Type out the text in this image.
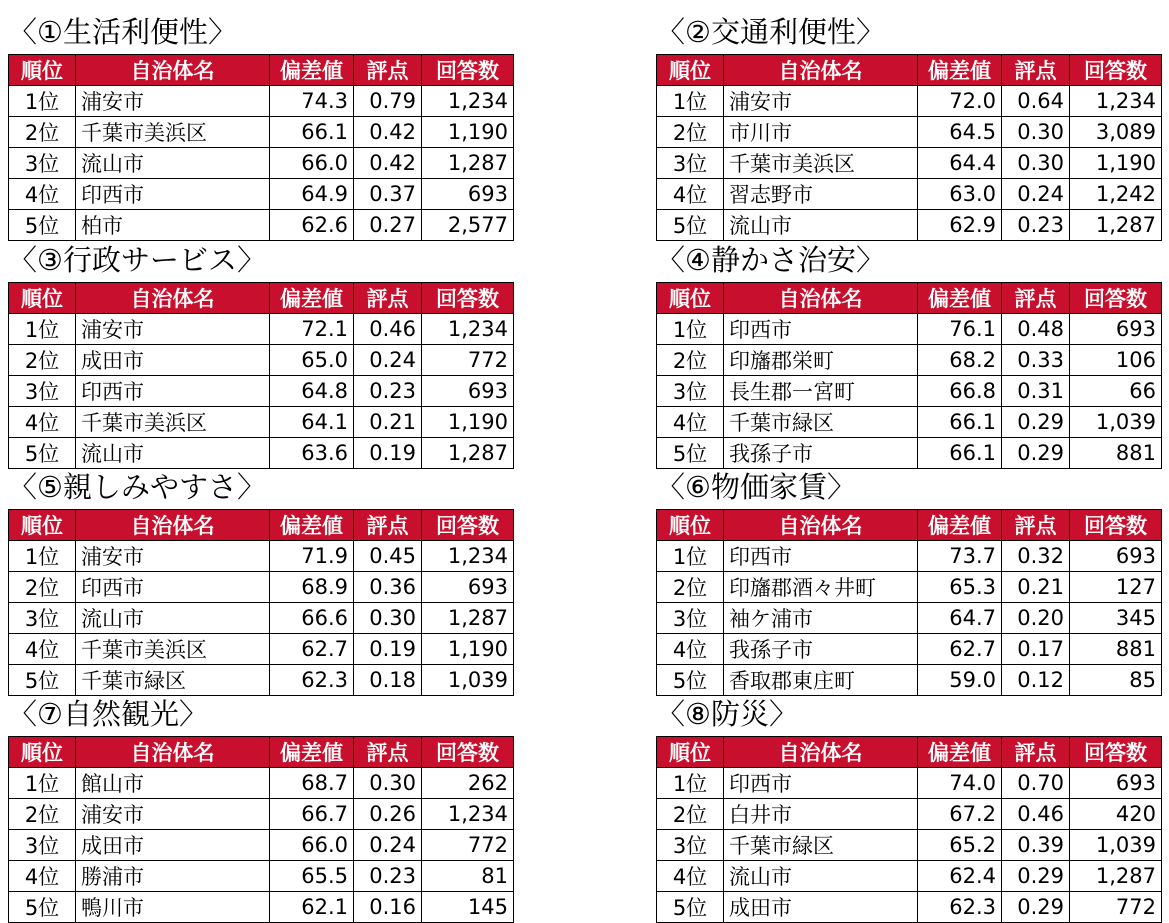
〈①生活利便性〉
順位	自治体名	偏差値	評点	回答数
1位	浦安市	74.3	0.79	1,234
2位	千葉市美浜区	66.1	0.42	1,190
3位	流山市	66.0	0.42	1,287
4位	印西市	64.9	0.37	693
5位	柏市	62.6	0.27	2,577
〈②交通利便性〉
順位	自治体名	偏差値	評点	回答数
1位	浦安市	72.0	0.64	1,234
2位	市川市	64.5	0.30	3,089
3位	千葉市美浜区	64.4	0.30	1,190
4位	習志野市	63.0	0.24	1,242
5位	流山市	62.9	0.23	1,287
〈③行政サービス〉
順位	自治体名	偏差値	評点	回答数
1位	浦安市	72.1	0.46	1,234
2位	成田市	65.0	0.24	772
3位	印西市	64.8	0.23	693
4位	千葉市美浜区	64.1	0.21	1,190
5位	流山市	63.6	0.19	1,287
〈④静かさ治安〉
順位	自治体名	偏差値	評点	回答数
1位	印西市	76.1	0.48	693
2位	印旛郡栄町	68.2	0.33	106
3位	長生郡一宮町	66.8	0.31	66
4位	千葉市緑区	66.1	0.29	1,039
5位	我孫子市	66.1	0.29	881
〈⑤親しみやすさ〉
順位	自治体名	偏差値	評点	回答数
1位	浦安市	71.9	0.45	1,234
2位	印西市	68.9	0.36	693
3位	流山市	66.6	0.30	1,287
4位	千葉市美浜区	62.7	0.19	1,190
5位	千葉市緑区	62.3	0.18	1,039
〈⑥物価家賃〉
順位	自治体名	偏差値	評点	回答数
1位	印西市	73.7	0.32	693
2位	印旛郡酒々井町	65.3	0.21	127
3位	袖ケ浦市	64.7	0.20	345
4位	我孫子市	62.7	0.17	881
5位	香取郡東庄町	59.0	0.12	85
〈⑦自然観光〉
順位	自治体名	偏差値	評点	回答数
1位	館山市	68.7	0.30	262
2位	浦安市	66.7	0.26	1,234
3位	成田市	66.0	0.24	772
4位	勝浦市	65.5	0.23	81
5位	鴨川市	62.1	0.16	145
〈⑧防災〉
順位	自治体名	偏差値	評点	回答数
1位	印西市	74.0	0.70	693
2位	白井市	67.2	0.46	420
3位	千葉市緑区	65.2	0.39	1,039
4位	流山市	62.4	0.29	1,287
5位	成田市	62.3	0.29	772
